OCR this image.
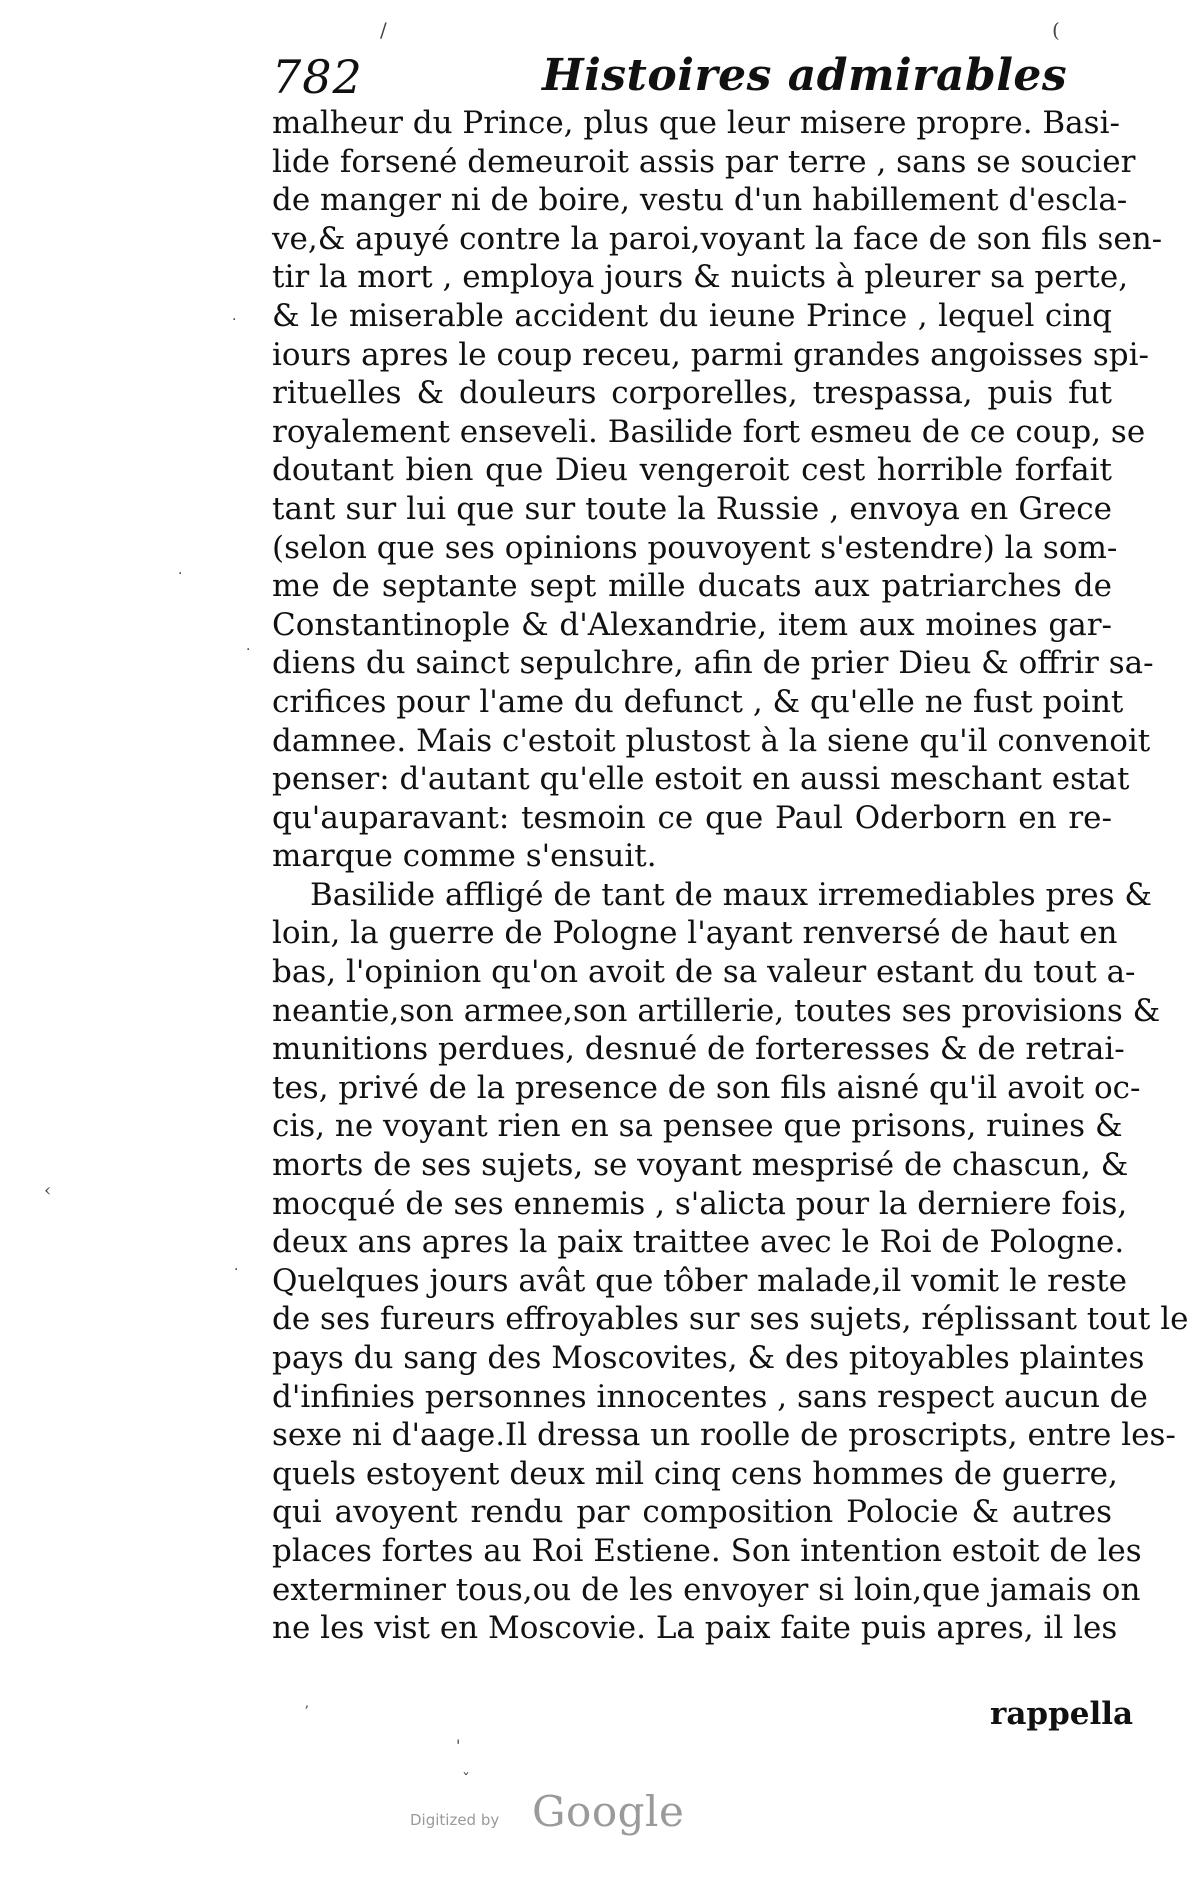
782	Histoires admirables
malheur du Prince, plus que leur misere propre. Basi-
lide forsené demeuroit assis par terre , sans se soucier
de manger ni de boire, vestu d'un habillement d'escla-
ve,& apuyé contre la paroi,voyant la face de son fils sen-
tir la mort , employa jours & nuicts à pleurer sa perte,
& le miserable accident du ieune Prince , lequel cinq
iours apres le coup receu, parmi grandes angoisses spi-
rituelles & douleurs corporelles, trespassa, puis fut
royalement enseveli. Basilide fort esmeu de ce coup, se
doutant bien que Dieu vengeroit cest horrible forfait
tant sur lui que sur toute la Russie , envoya en Grece
(selon que ses opinions pouvoyent s'estendre) la som-
me de septante sept mille ducats aux patriarches de
Constantinople & d'Alexandrie, item aux moines gar-
diens du sainct sepulchre, afin de prier Dieu & offrir sa-
crifices pour l'ame du defunct , & qu'elle ne fust point
damnee. Mais c'estoit plustost à la siene qu'il convenoit
penser: d'autant qu'elle estoit en aussi meschant estat
qu'auparavant: tesmoin ce que Paul Oderborn en re-
marque comme s'ensuit.
Basilide affligé de tant de maux irremediables pres &
loin, la guerre de Pologne l'ayant renversé de haut en
bas, l'opinion qu'on avoit de sa valeur estant du tout a-
neantie,son armee,son artillerie, toutes ses provisions &
munitions perdues, desnué de forteresses & de retrai-
tes, privé de la presence de son fils aisné qu'il avoit oc-
cis, ne voyant rien en sa pensee que prisons, ruines &
morts de ses sujets, se voyant mesprisé de chascun, &
mocqué de ses ennemis , s'alicta pour la derniere fois,
deux ans apres la paix traittee avec le Roi de Pologne.
Quelques jours avât que tôber malade,il vomit le reste
de ses fureurs effroyables sur ses sujets, réplissant tout le
pays du sang des Moscovites, & des pitoyables plaintes
d'infinies personnes innocentes , sans respect aucun de
sexe ni d'aage.Il dressa un roolle de proscripts, entre les-
quels estoyent deux mil cinq cens hommes de guerre,
qui avoyent rendu par composition Polocie & autres
places fortes au Roi Estiene. Son intention estoit de les
exterminer tous,ou de les envoyer si loin,que jamais on
ne les vist en Moscovie. La paix faite puis apres, il les
rappella
/	(
·
·
·
‹
·
'
ˇ
ʼ
Digitized by Google
